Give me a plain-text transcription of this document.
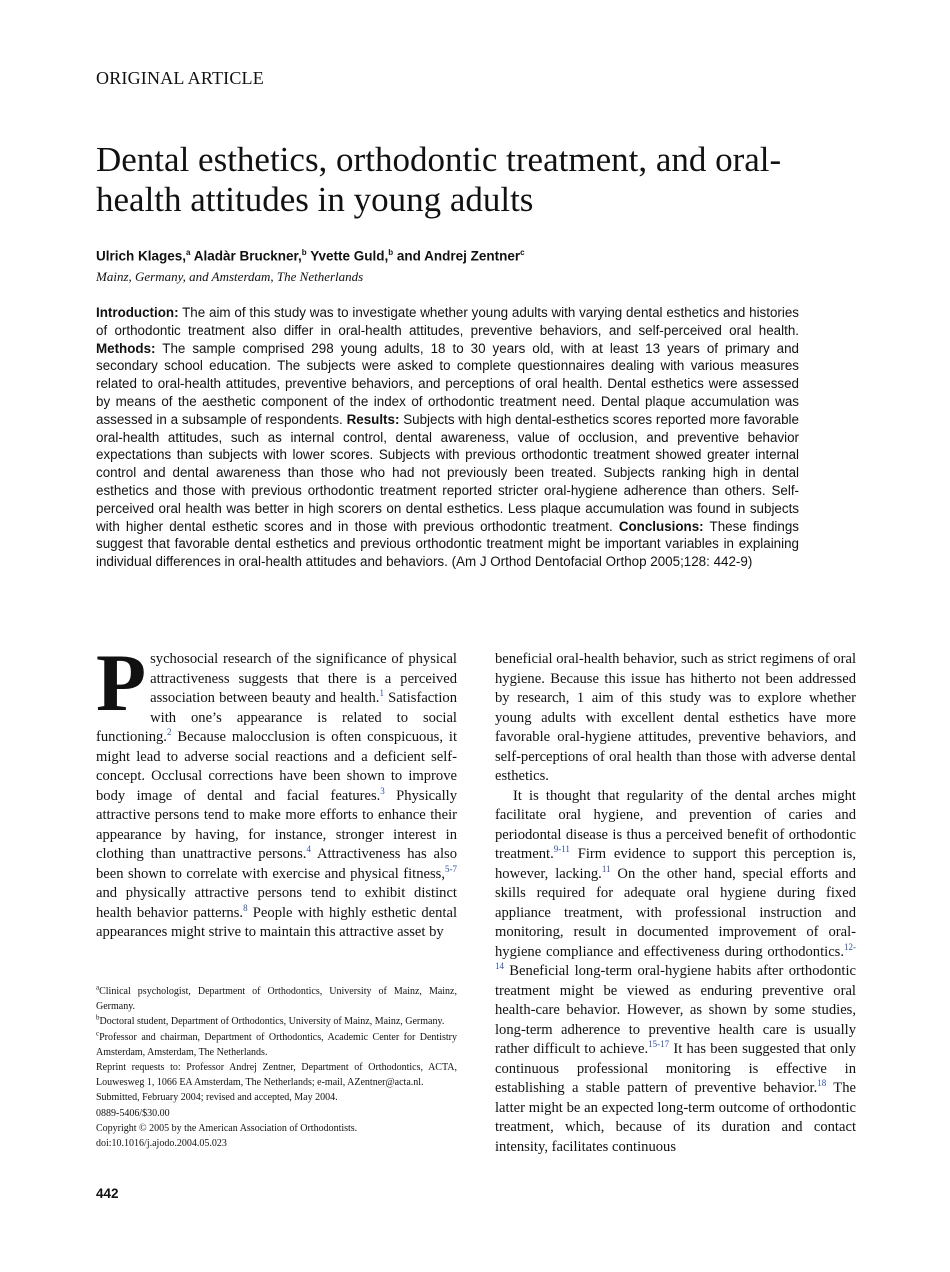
ORIGINAL ARTICLE
Dental esthetics, orthodontic treatment, and oral-health attitudes in young adults
Ulrich Klages,$^a$ Aladàr Bruckner,$^b$ Yvette Guld,$^b$ and Andrej Zentner$^c$
Mainz, Germany, and Amsterdam, The Netherlands

Introduction: The aim of this study was to investigate whether young adults with varying dental esthetics and histories of orthodontic treatment also differ in oral-health attitudes, preventive behaviors, and self-perceived oral health. Methods: The sample comprised 298 young adults, 18 to 30 years old, with at least 13 years of primary and secondary school education. The subjects were asked to complete questionnaires dealing with various measures related to oral-health attitudes, preventive behaviors, and perceptions of oral health. Dental esthetics were assessed by means of the aesthetic component of the index of orthodontic treatment need. Dental plaque accumulation was assessed in a subsample of respondents. Results: Subjects with high dental-esthetics scores reported more favorable oral-health attitudes, such as internal control, dental awareness, value of occlusion, and preventive behavior expectations than subjects with lower scores. Subjects with previous orthodontic treatment showed greater internal control and dental awareness than those who had not previously been treated. Subjects ranking high in dental esthetics and those with previous orthodontic treatment reported stricter oral-hygiene adherence than others. Self-perceived oral health was better in high scorers on dental esthetics. Less plaque accumulation was found in subjects with higher dental esthetic scores and in those with previous orthodontic treatment. Conclusions: These findings suggest that favorable dental esthetics and previous orthodontic treatment might be important variables in explaining individual differences in oral-health attitudes and behaviors. (Am J Orthod Dentofacial Orthop 2005;128: 442-9)

Psychosocial research of the significance of physical attractiveness suggests that there is a perceived association between beauty and health.$^1$ Satisfaction with one’s appearance is related to social functioning.$^2$ Because malocclusion is often conspicuous, it might lead to adverse social reactions and a deficient self-concept. Occlusal corrections have been shown to improve body image of dental and facial features.$^3$ Physically attractive persons tend to make more efforts to enhance their appearance by having, for instance, stronger interest in clothing than unattractive persons.$^4$ Attractiveness has also been shown to correlate with exercise and physical fitness,$^{5-7}$ and physically attractive persons tend to exhibit distinct health behavior patterns.$^8$ People with highly esthetic dental appearances might strive to maintain this attractive asset by

$^a$Clinical psychologist, Department of Orthodontics, University of Mainz, Mainz, Germany.

$^b$Doctoral student, Department of Orthodontics, University of Mainz, Mainz, Germany.

$^c$Professor and chairman, Department of Orthodontics, Academic Center for Dentistry Amsterdam, Amsterdam, The Netherlands.

Reprint requests to: Professor Andrej Zentner, Department of Orthodontics, ACTA, Louwesweg 1, 1066 EA Amsterdam, The Netherlands; e-mail, AZentner@acta.nl.

Submitted, February 2004; revised and accepted, May 2004.

0889-5406/$30.00

Copyright © 2005 by the American Association of Orthodontists.

doi:10.1016/j.ajodo.2004.05.023

442

beneficial oral-health behavior, such as strict regimens of oral hygiene. Because this issue has hitherto not been addressed by research, 1 aim of this study was to explore whether young adults with excellent dental esthetics have more favorable oral-hygiene attitudes, preventive behaviors, and self-perceptions of oral health than those with adverse dental esthetics.

It is thought that regularity of the dental arches might facilitate oral hygiene, and prevention of caries and periodontal disease is thus a perceived benefit of orthodontic treatment.$^{9-11}$ Firm evidence to support this perception is, however, lacking.$^{11}$ On the other hand, special efforts and skills required for adequate oral hygiene during fixed appliance treatment, with professional instruction and monitoring, result in documented improvement of oral-hygiene compliance and effectiveness during orthodontics.$^{12-14}$ Beneficial long-term oral-hygiene habits after orthodontic treatment might be viewed as enduring preventive oral health-care behavior. However, as shown by some studies, long-term adherence to preventive health care is usually rather difficult to achieve.$^{15-17}$ It has been suggested that only continuous professional monitoring is effective in establishing a stable pattern of preventive behavior.$^{18}$ The latter might be an expected long-term outcome of orthodontic treatment, which, because of its duration and contact intensity, facilitates continuous
